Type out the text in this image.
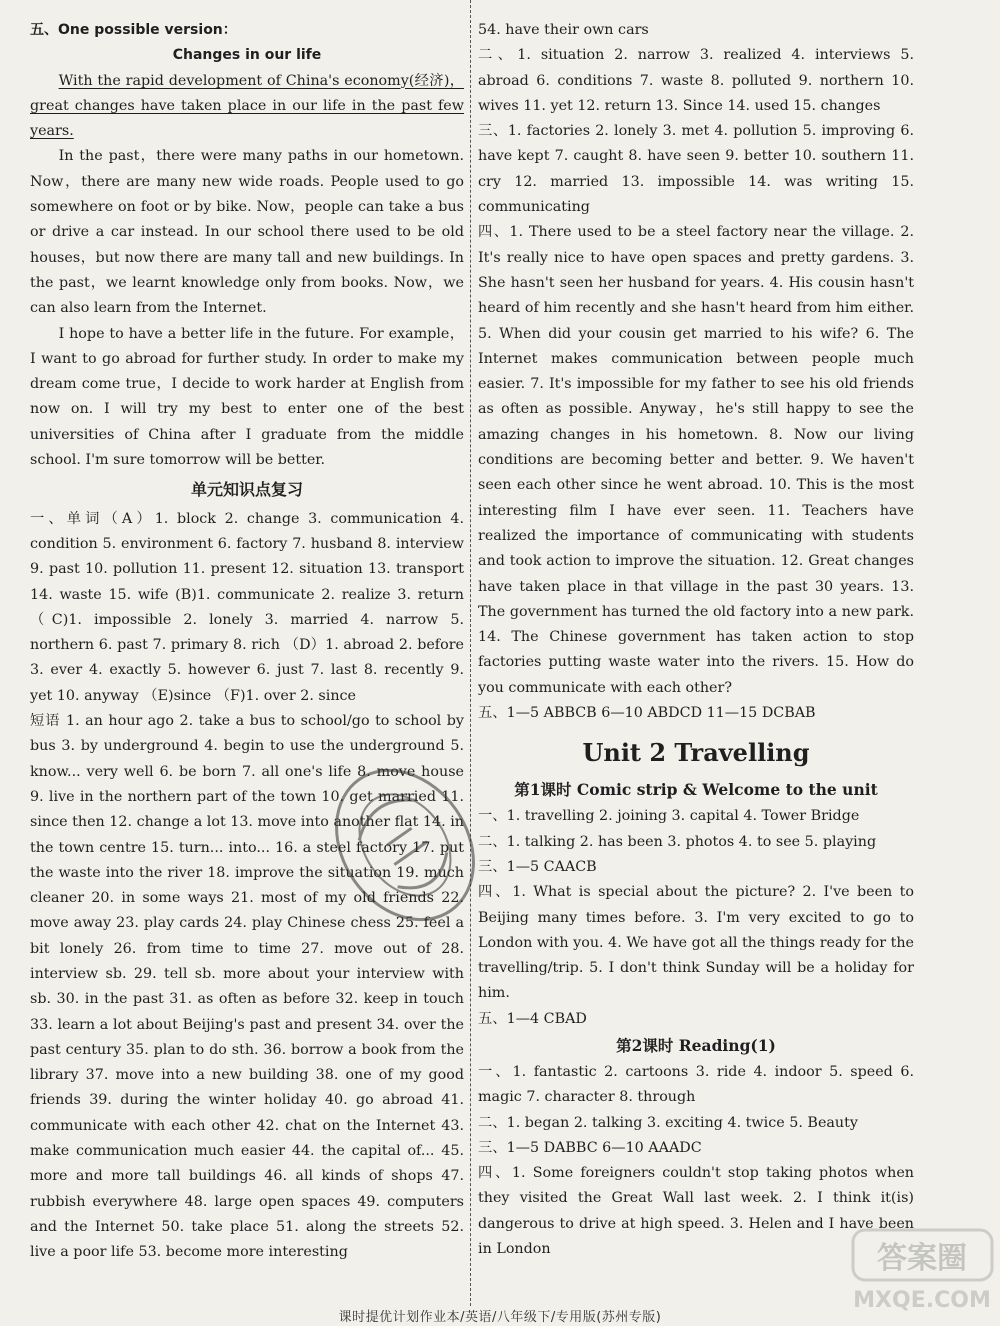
五、One possible version：

Changes in our life

With the rapid development of China's economy(经济)，great changes have taken place in our life in the past few years.

In the past，there were many paths in our hometown. Now，there are many new wide roads. People used to go somewhere on foot or by bike. Now，people can take a bus or drive a car instead. In our school there used to be old houses，but now there are many tall and new buildings. In the past，we learnt knowledge only from books. Now，we can also learn from the Internet.

I hope to have a better life in the future. For example，I want to go abroad for further study. In order to make my dream come true，I decide to work harder at English from now on. I will try my best to enter one of the best universities of China after I graduate from the middle school. I'm sure tomorrow will be better.

单元知识点复习

一、单词（A）1. block 2. change 3. communication 4. condition 5. environment 6. factory 7. husband 8. interview 9. past 10. pollution 11. present 12. situation 13. transport 14. waste 15. wife (B)1. communicate 2. realize 3. return （C)1. impossible 2. lonely 3. married 4. narrow 5. northern 6. past 7. primary 8. rich （D）1. abroad 2. before 3. ever 4. exactly 5. however 6. just 7. last 8. recently 9. yet 10. anyway （E)since （F)1. over 2. since

短语 1. an hour ago 2. take a bus to school/go to school by bus 3. by underground 4. begin to use the underground 5. know... very well 6. be born 7. all one's life 8. move house 9. live in the northern part of the town 10. get married 11. since then 12. change a lot 13. move into another flat 14. in the town centre 15. turn... into... 16. a steel factory 17. put the waste into the river 18. improve the situation 19. much cleaner 20. in some ways 21. most of my old friends 22. move away 23. play cards 24. play Chinese chess 25. feel a bit lonely 26. from time to time 27. move out of 28. interview sb. 29. tell sb. more about your interview with sb. 30. in the past 31. as often as before 32. keep in touch 33. learn a lot about Beijing's past and present 34. over the past century 35. plan to do sth. 36. borrow a book from the library 37. move into a new building 38. one of my good friends 39. during the winter holiday 40. go abroad 41. communicate with each other 42. chat on the Internet 43. make communication much easier 44. the capital of... 45. more and more tall buildings 46. all kinds of shops 47. rubbish everywhere 48. large open spaces 49. computers and the Internet 50. take place 51. along the streets 52. live a poor life 53. become more interesting

54. have their own cars

二、1. situation 2. narrow 3. realized 4. interviews 5. abroad 6. conditions 7. waste 8. polluted 9. northern 10. wives 11. yet 12. return 13. Since 14. used 15. changes

三、1. factories 2. lonely 3. met 4. pollution 5. improving 6. have kept 7. caught 8. have seen 9. better 10. southern 11. cry 12. married 13. impossible 14. was writing 15. communicating

四、1. There used to be a steel factory near the village. 2. It's really nice to have open spaces and pretty gardens. 3. She hasn't seen her husband for years. 4. His cousin hasn't heard of him recently and she hasn't heard from him either. 5. When did your cousin get married to his wife? 6. The Internet makes communication between people much easier. 7. It's impossible for my father to see his old friends as often as possible. Anyway，he's still happy to see the amazing changes in his hometown. 8. Now our living conditions are becoming better and better. 9. We haven't seen each other since he went abroad. 10. This is the most interesting film I have ever seen. 11. Teachers have realized the importance of communicating with students and took action to improve the situation. 12. Great changes have taken place in that village in the past 30 years. 13. The government has turned the old factory into a new park. 14. The Chinese government has taken action to stop factories putting waste water into the rivers. 15. How do you communicate with each other?

五、1—5 ABBCB 6—10 ABDCD 11—15 DCBAB

Unit 2 Travelling

第1课时 Comic strip & Welcome to the unit

一、1. travelling 2. joining 3. capital 4. Tower Bridge

二、1. talking 2. has been 3. photos 4. to see 5. playing

三、1—5 CAACB

四、1. What is special about the picture? 2. I've been to Beijing many times before. 3. I'm very excited to go to London with you. 4. We have got all the things ready for the travelling/trip. 5. I don't think Sunday will be a holiday for him.

五、1—4 CBAD

第2课时 Reading(1)

一、1. fantastic 2. cartoons 3. ride 4. indoor 5. speed 6. magic 7. character 8. through

二、1. began 2. talking 3. exciting 4. twice 5. Beauty

三、1—5 DABBC 6—10 AAADC

四、1. Some foreigners couldn't stop taking photos when they visited the Great Wall last week. 2. I think it(is) dangerous to drive at high speed. 3. Helen and I have been in London	答案圈
MXQE.COM
课时提优计划作业本/英语/八年级下/专用版(苏州专版)
